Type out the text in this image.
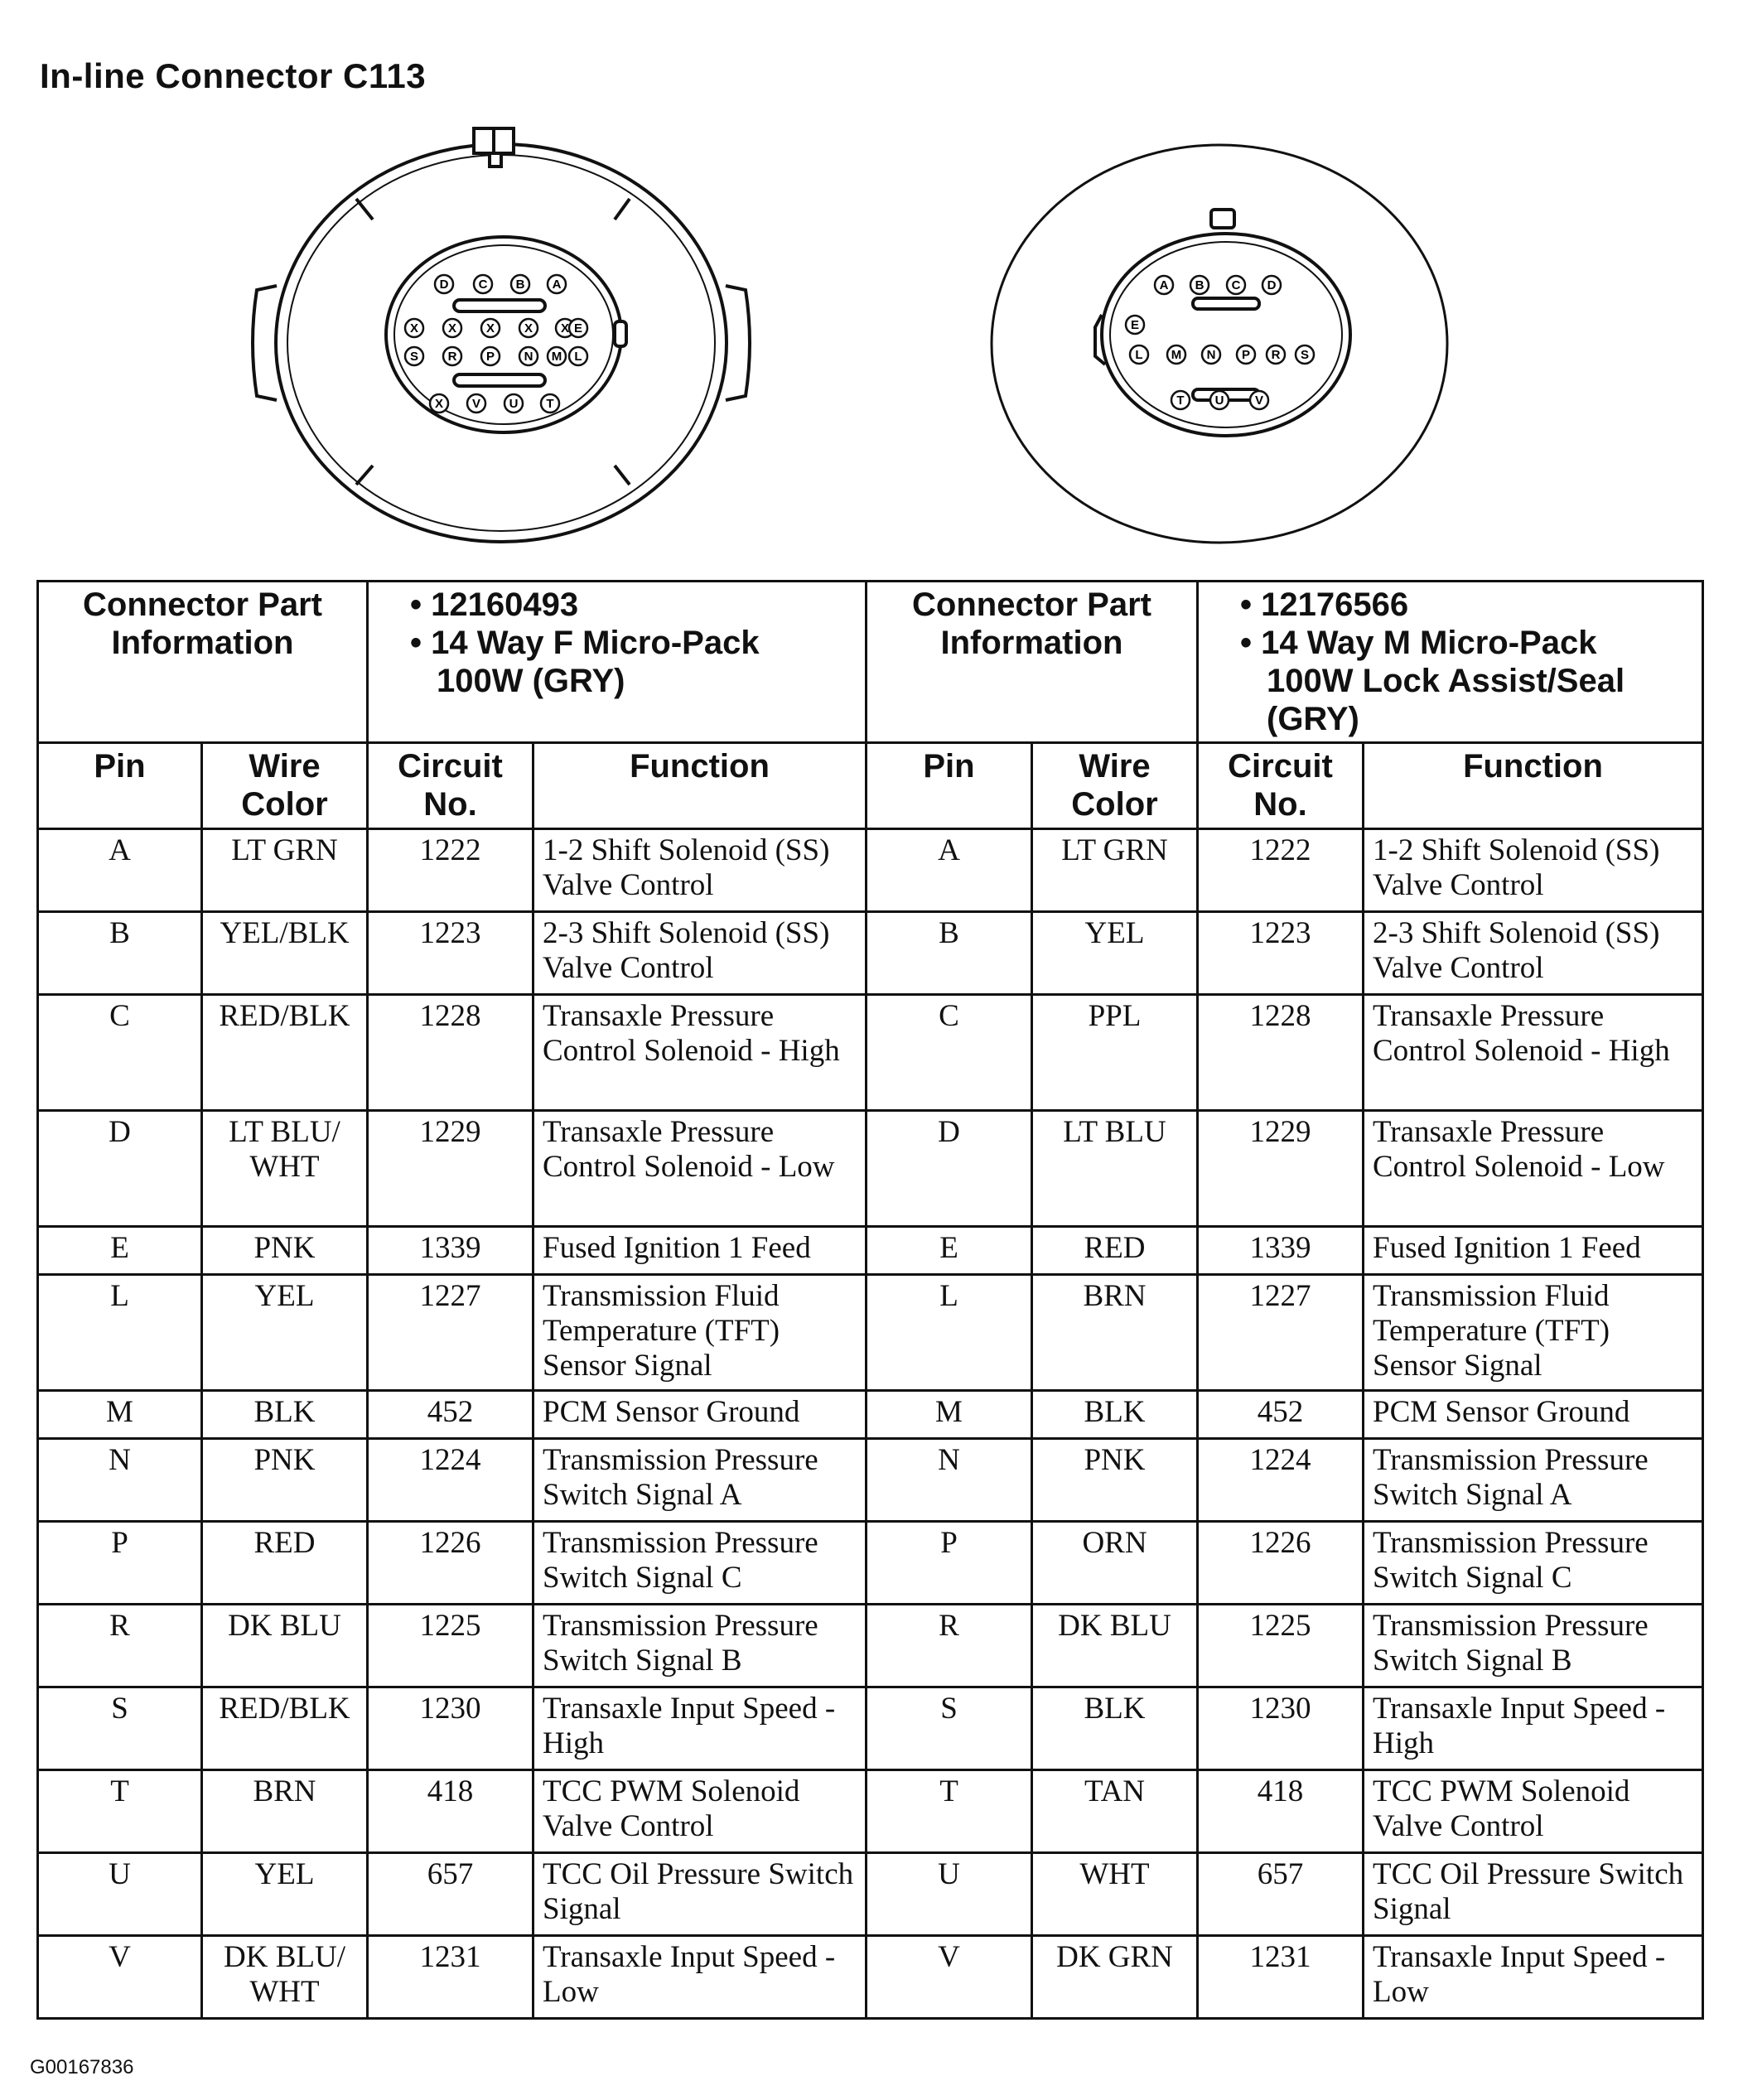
In-line Connector C113
D C B A
X X X X X E
S R P N M L
X V U T
A B C D
E
L M N P R S
T U	V
Connector Part Information		• 12160493
• 14 Way F Micro-Pack
100W (GRY)		Connector Part Information		• 12176566
• 14 Way M Micro-Pack
100W Lock Assist/Seal
(GRY)	

Pin	Wire Color	Circuit No.	Function	Pin	Wire Color	Circuit No.	Function
A	LT GRN	1222	1-2 Shift Solenoid (SS) Valve Control	A	LT GRN	1222	1-2 Shift Solenoid (SS) Valve Control
B	YEL/BLK	1223	2-3 Shift Solenoid (SS) Valve Control	B	YEL	1223	2-3 Shift Solenoid (SS) Valve Control
C	RED/BLK	1228	Transaxle Pressure Control Solenoid - High	C	PPL	1228	Transaxle Pressure Control Solenoid - High
D	LT BLU/ WHT	1229	Transaxle Pressure Control Solenoid - Low	D	LT BLU	1229	Transaxle Pressure Control Solenoid - Low
E	PNK	1339	Fused Ignition 1 Feed	E	RED	1339	Fused Ignition 1 Feed
L	YEL	1227	Transmission Fluid Temperature (TFT) Sensor Signal	L	BRN	1227	Transmission Fluid Temperature (TFT) Sensor Signal
M	BLK	452	PCM Sensor Ground	M	BLK	452	PCM Sensor Ground
N	PNK	1224	Transmission Pressure Switch Signal A	N	PNK	1224	Transmission Pressure Switch Signal A
P	RED	1226	Transmission Pressure Switch Signal C	P	ORN	1226	Transmission Pressure Switch Signal C
R	DK BLU	1225	Transmission Pressure Switch Signal B	R	DK BLU	1225	Transmission Pressure Switch Signal B
S	RED/BLK	1230	Transaxle Input Speed - High	S	BLK	1230	Transaxle Input Speed - High
T	BRN	418	TCC PWM Solenoid Valve Control	T	TAN	418	TCC PWM Solenoid Valve Control
U	YEL	657	TCC Oil Pressure Switch Signal	U	WHT	657	TCC Oil Pressure Switch Signal
V	DK BLU/ WHT	1231	Transaxle Input Speed - Low	V	DK GRN	1231	Transaxle Input Speed - Low
G00167836
